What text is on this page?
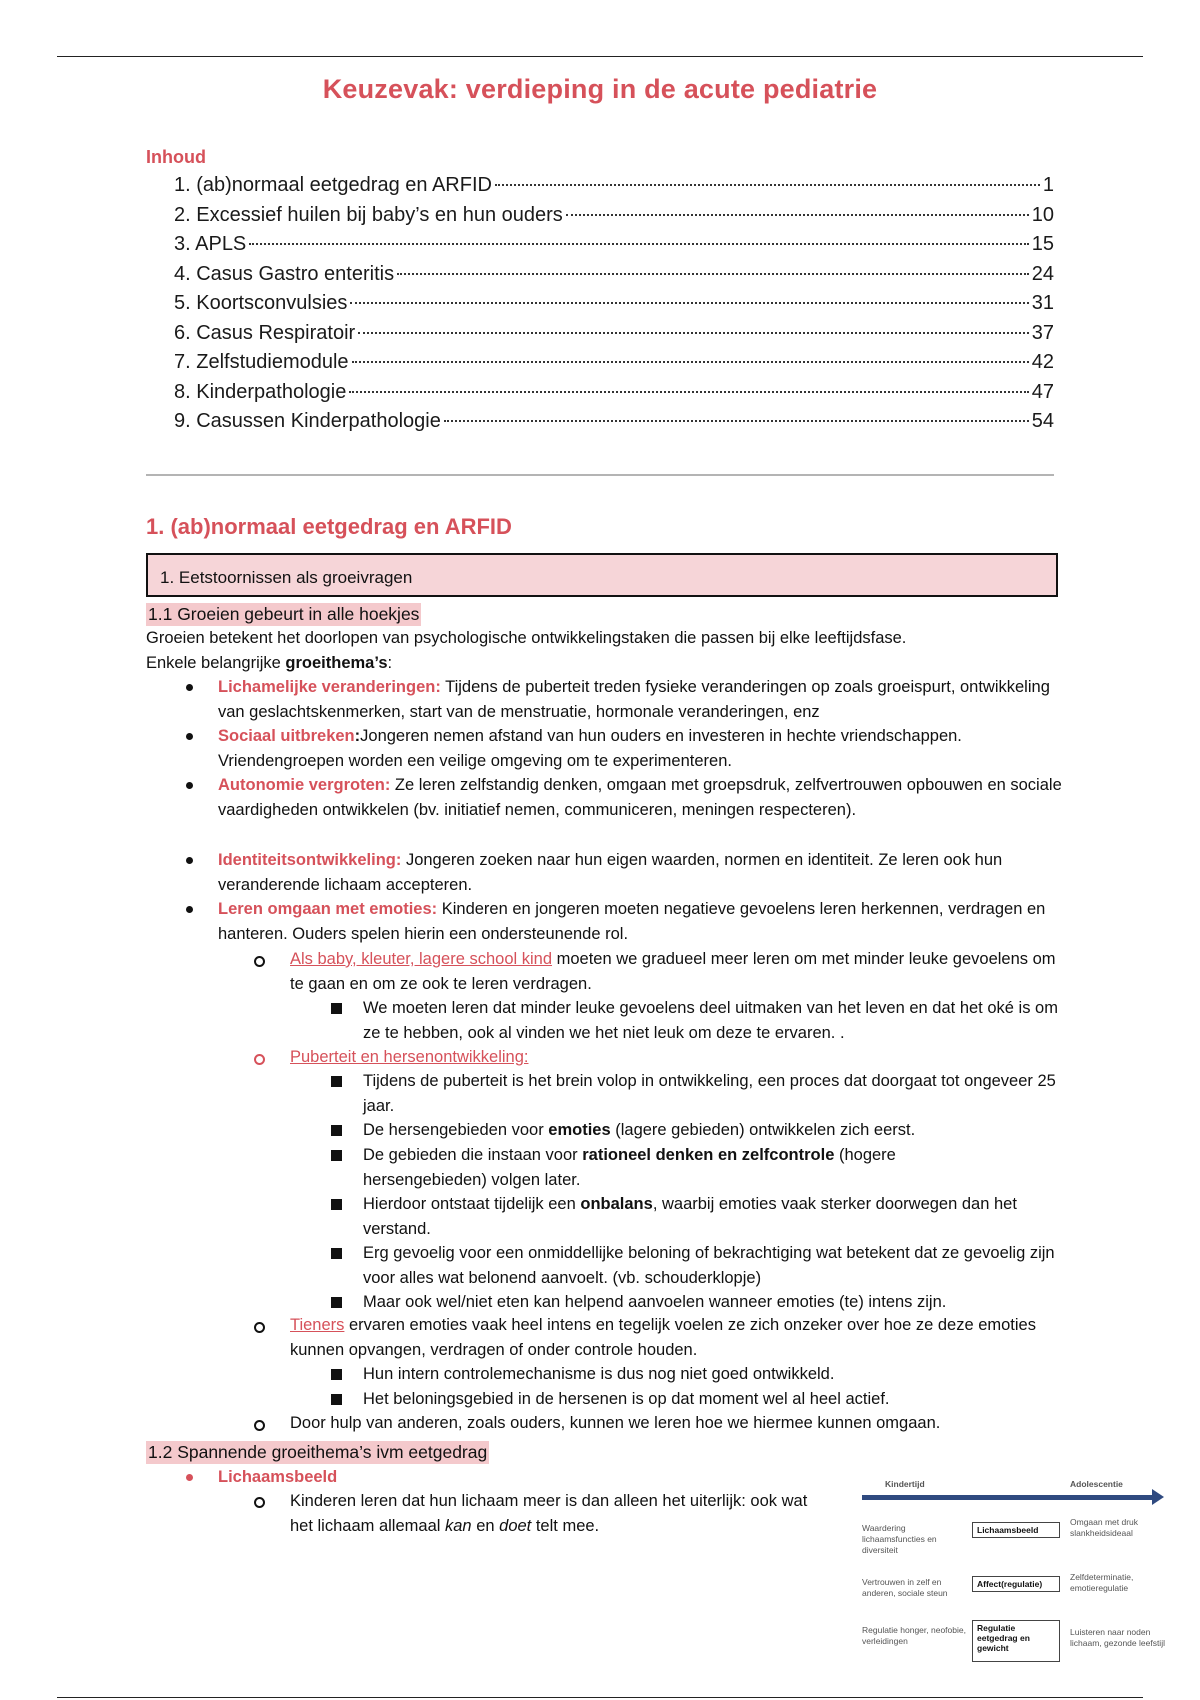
Keuzevak: verdieping in de acute pediatrie
Inhoud
1. (ab)normaal eetgedrag en ARFID	1
2. Excessief huilen bij baby’s en hun ouders	10
3. APLS	15
4. Casus Gastro enteritis	24
5. Koortsconvulsies	31
6. Casus Respiratoir	37
7. Zelfstudiemodule	42
8. Kinderpathologie	47
9. Casussen Kinderpathologie	54
1. (ab)normaal eetgedrag en ARFID
1. Eetstoornissen als groeivragen
1.1 Groeien gebeurt in alle hoekjes
Groeien betekent het doorlopen van psychologische ontwikkelingstaken die passen bij elke leeftijdsfase.
Enkele belangrijke groeithema’s:
Lichamelijke veranderingen: Tijdens de puberteit treden fysieke veranderingen op zoals groeispurt, ontwikkeling van geslachtskenmerken, start van de menstruatie, hormonale veranderingen, enz
Sociaal uitbreken:Jongeren nemen afstand van hun ouders en investeren in hechte vriendschappen. Vriendengroepen worden een veilige omgeving om te experimenteren.
Autonomie vergroten: Ze leren zelfstandig denken, omgaan met groepsdruk, zelfvertrouwen opbouwen en sociale vaardigheden ontwikkelen (bv. initiatief nemen, communiceren, meningen respecteren).
Identiteitsontwikkeling: Jongeren zoeken naar hun eigen waarden, normen en identiteit. Ze leren ook hun veranderende lichaam accepteren.
Leren omgaan met emoties: Kinderen en jongeren moeten negatieve gevoelens leren herkennen, verdragen en hanteren. Ouders spelen hierin een ondersteunende rol.
Als baby, kleuter, lagere school kind moeten we gradueel meer leren om met minder leuke gevoelens om te gaan en om ze ook te leren verdragen.
We moeten leren dat minder leuke gevoelens deel uitmaken van het leven en dat het oké is om ze te hebben, ook al vinden we het niet leuk om deze te ervaren. .
Puberteit en hersenontwikkeling:
Tijdens de puberteit is het brein volop in ontwikkeling, een proces dat doorgaat tot ongeveer 25 jaar.
De hersengebieden voor emoties (lagere gebieden) ontwikkelen zich eerst.
De gebieden die instaan voor rationeel denken en zelfcontrole (hogere hersengebieden) volgen later.
Hierdoor ontstaat tijdelijk een onbalans, waarbij emoties vaak sterker doorwegen dan het verstand.
Erg gevoelig voor een onmiddellijke beloning of bekrachtiging wat betekent dat ze gevoelig zijn voor alles wat belonend aanvoelt. (vb. schouderklopje)
Maar ook wel/niet eten kan helpend aanvoelen wanneer emoties (te) intens zijn.
Tieners ervaren emoties vaak heel intens en tegelijk voelen ze zich onzeker over hoe ze deze emoties kunnen opvangen, verdragen of onder controle houden.
Hun intern controlemechanisme is dus nog niet goed ontwikkeld.
Het beloningsgebied in de hersenen is op dat moment wel al heel actief.
Door hulp van anderen, zoals ouders, kunnen we leren hoe we hiermee kunnen omgaan.
1.2 Spannende groeithema’s ivm eetgedrag
Lichaamsbeeld
Kinderen leren dat hun lichaam meer is dan alleen het uiterlijk: ook wat het lichaam allemaal kan en doet telt mee.
Kindertijd	Adolescentie
Waardering lichaamsfuncties en diversiteit
Lichaamsbeeld
Omgaan met druk slankheidsideaal
Vertrouwen in zelf en anderen, sociale steun
Affect(regulatie)
Zelfdeterminatie, emotieregulatie
Regulatie honger, neofobie, verleidingen
Regulatie eetgedrag en gewicht
Luisteren naar noden lichaam, gezonde leefstijl
